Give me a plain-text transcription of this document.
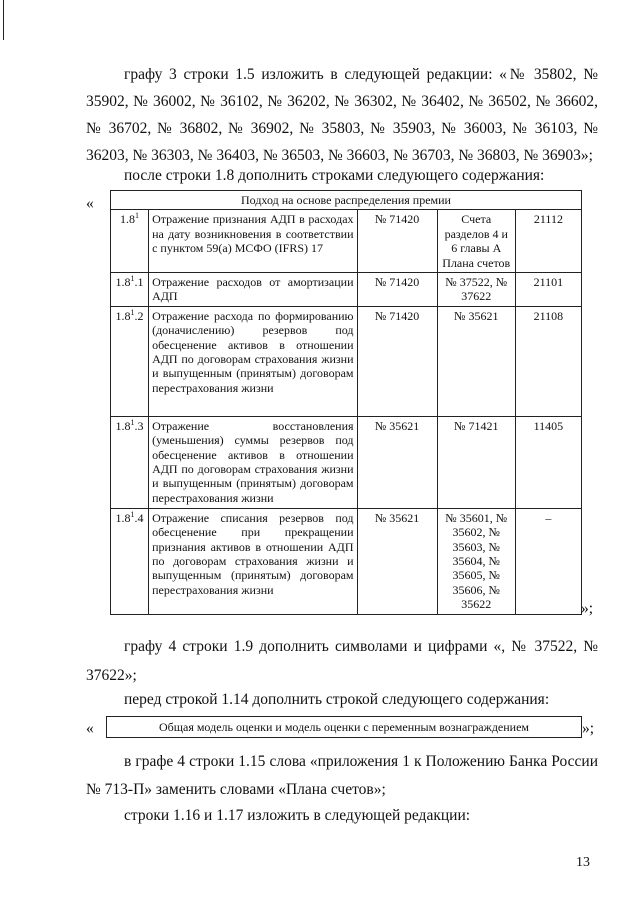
графу 3 строки 1.5 изложить в следующей редакции: «№ 35802, № 35902, № 36002, № 36102, № 36202, № 36302, № 36402, № 36502, № 36602, № 36702, № 36802, № 36902, № 35803, № 35903, № 36003, № 36103, № 36203, № 36303, № 36403, № 36503, № 36603, № 36703, № 36803, № 36903»;

после строки 1.8 дополнить строками следующего содержания:

«	Подход на основе распределения премии				
$1.8^1$	Отражение признания АДП в расходах на дату возникновения в соответствии с пунктом 59(а) МСФО (IFRS) 17	№ 71420	Счета разделов 4 и 6 главы А Плана счетов	21112
$1.8^1.1$	Отражение расходов от амортизации АДП	№ 71420	№ 37522, № 37622	21101
$1.8^1.2$	Отражение расхода по формированию (доначислению) резервов под обесценение активов в отношении АДП по договорам страхования жизни и выпущенным (принятым) договорам перестрахования жизни	№ 71420	№ 35621	21108
$1.8^1.3$	Отражение восстановления (уменьшения) суммы резервов под обесценение активов в отношении АДП по договорам страхования жизни и выпущенным (принятым) договорам перестрахования жизни	№ 35621	№ 71421	11405
$1.8^1.4$	Отражение списания резервов под обесценение при прекращении признания активов в отношении АДП по договорам страхования жизни и выпущенным (принятым) договорам перестрахования жизни	№ 35621	№ 35601, № 35602, № 35603, № 35604, № 35605, № 35606, № 35622	–
»;

графу 4 строки 1.9 дополнить символами и цифрами «, № 37522, № 37622»;

перед строкой 1.14 дополнить строкой следующего содержания:

«	Общая модель оценки и модель оценки с переменным вознаграждением	»;

в графе 4 строки 1.15 слова «приложения 1 к Положению Банка России № 713-П» заменить словами «Плана счетов»;

строки 1.16 и 1.17 изложить в следующей редакции:

13
